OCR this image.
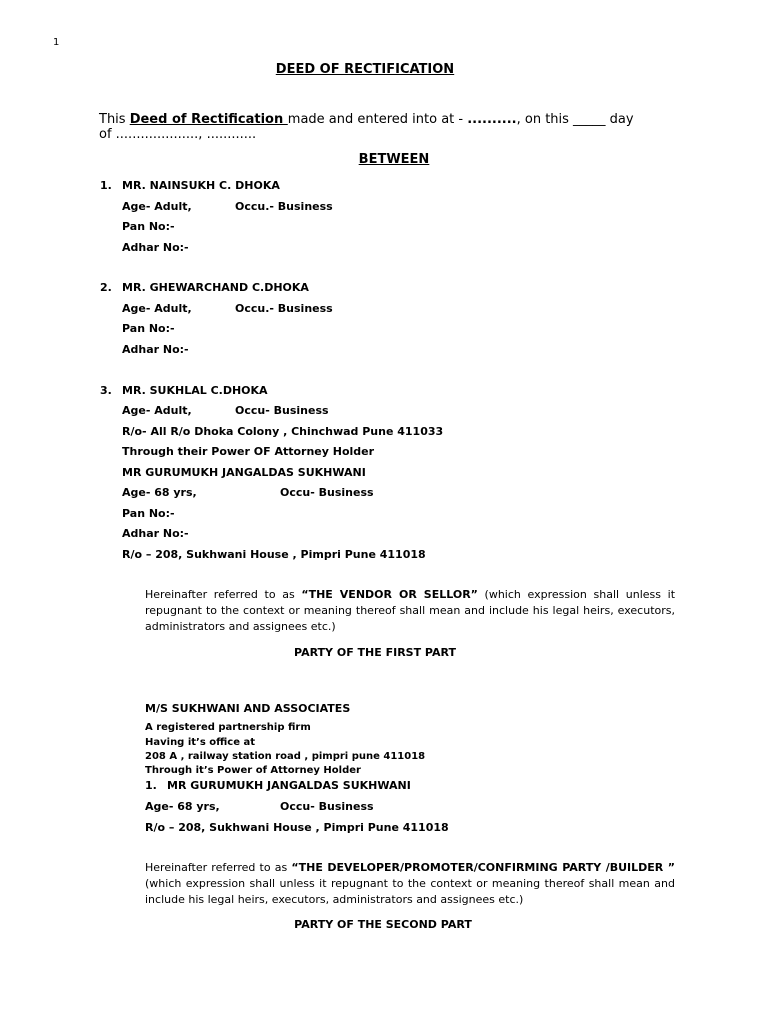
1
DEED OF RECTIFICATION
This Deed of Rectification made and entered into at - .........., on this _____ day
of ...................., ............
BETWEEN
1. MR. NAINSUKH C. DHOKA
Age- Adult,	Occu.- Business
Pan No:-
Adhar No:-
2. MR. GHEWARCHAND C.DHOKA
Age- Adult,	Occu.- Business
Pan No:-
Adhar No:-
3. MR. SUKHLAL C.DHOKA
Age- Adult,	Occu- Business
R/o- All R/o Dhoka Colony , Chinchwad Pune 411033
Through their Power OF Attorney Holder
MR GURUMUKH JANGALDAS SUKHWANI
Age- 68 yrs,	Occu- Business
Pan No:-
Adhar No:-
R/o – 208, Sukhwani House , Pimpri Pune 411018
Hereinafter referred to as “THE VENDOR OR SELLOR” (which expression shall unless it repugnant to the context or meaning thereof shall mean and include his legal heirs, executors, administrators and assignees etc.)
PARTY OF THE FIRST PART
M/S SUKHWANI AND ASSOCIATES
A registered partnership firm
Having it’s office at
208 A , railway station road , pimpri pune 411018
Through it’s Power of Attorney Holder
1. MR GURUMUKH JANGALDAS SUKHWANI
Age- 68 yrs,	Occu- Business
R/o – 208, Sukhwani House , Pimpri Pune 411018
Hereinafter referred to as “THE DEVELOPER/PROMOTER/CONFIRMING PARTY /BUILDER ” (which expression shall unless it repugnant to the context or meaning thereof shall mean and include his legal heirs, executors, administrators and assignees etc.)
PARTY OF THE SECOND PART
